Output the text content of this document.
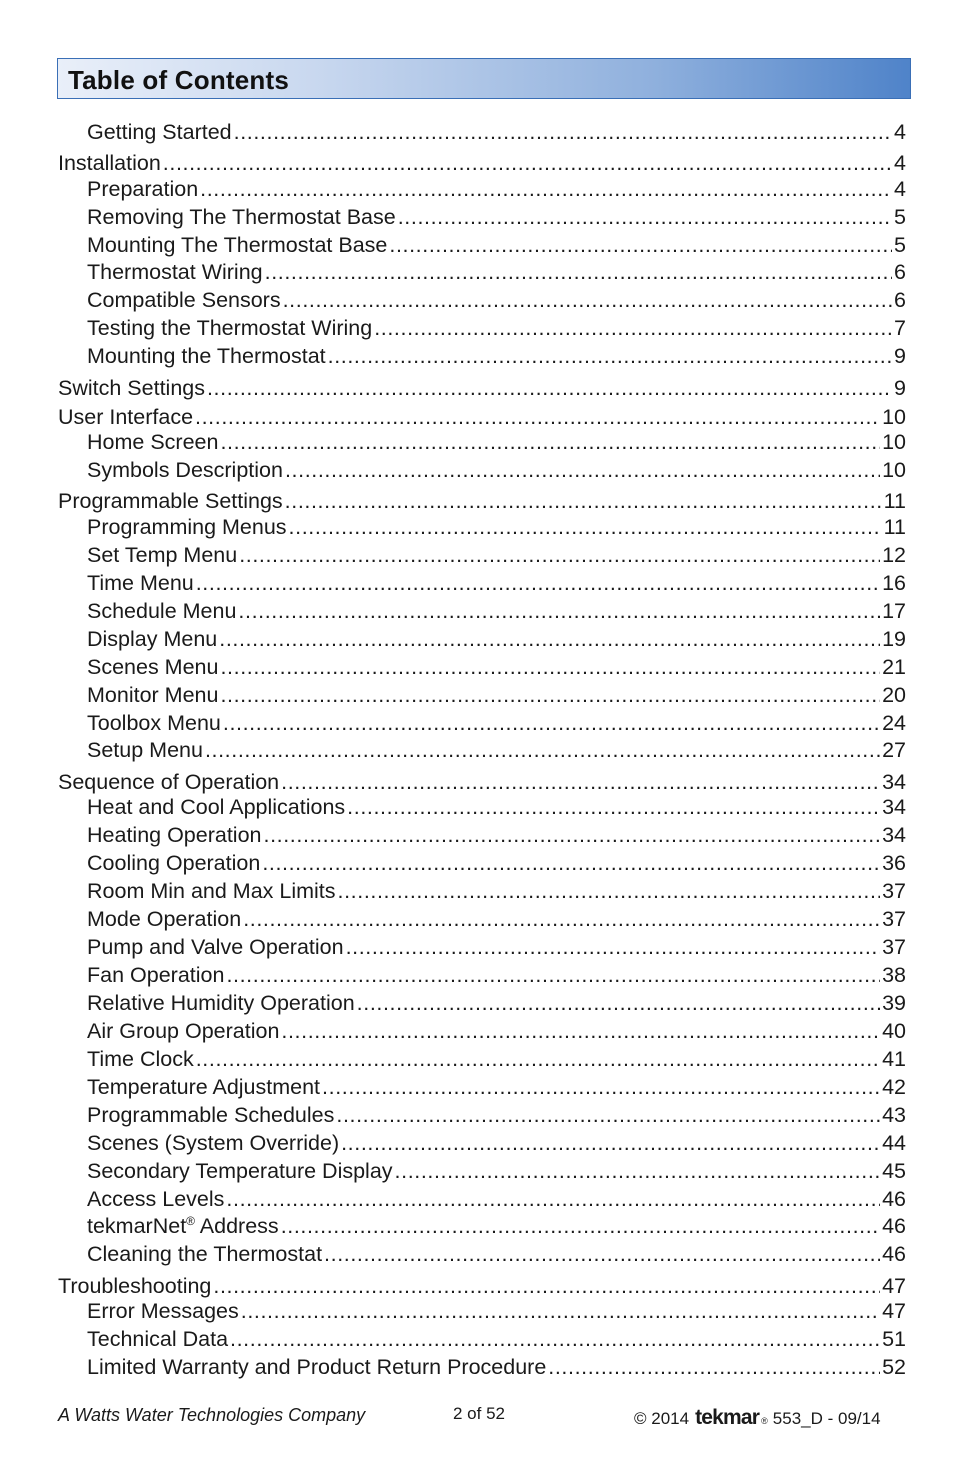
Table of Contents
Getting Started .....	4
Installation .....	4
Preparation .....	4
Removing The Thermostat Base .....	5
Mounting The Thermostat Base .....	5
Thermostat Wiring .....	6
Compatible Sensors .....	6
Testing the Thermostat Wiring .....	7
Mounting the Thermostat .....	9
Switch Settings .....	9
User Interface .....	10
Home Screen .....	10
Symbols Description .....	10
Programmable Settings .....	11
Programming Menus .....	11
Set Temp Menu .....	12
Time Menu .....	16
Schedule Menu .....	17
Display Menu .....	19
Scenes Menu .....	21
Monitor Menu .....	20
Toolbox Menu .....	24
Setup Menu .....	27
Sequence of Operation .....	34
Heat and Cool Applications .....	34
Heating Operation .....	34
Cooling Operation .....	36
Room Min and Max Limits .....	37
Mode Operation .....	37
Pump and Valve Operation .....	37
Fan Operation .....	38
Relative Humidity Operation .....	39
Air Group Operation .....	40
Time Clock .....	41
Temperature Adjustment .....	42
Programmable Schedules .....	43
Scenes (System Override) .....	44
Secondary Temperature Display .....	45
Access Levels .....	46
tekmarNet® Address .....	46
Cleaning the Thermostat .....	46
Troubleshooting .....	47
Error Messages .....	47
Technical Data .....	51
Limited Warranty and Product Return Procedure .....	52
A Watts Water Technologies Company	2 of 52	© 2014 tekmar ® 553_D - 09/14
